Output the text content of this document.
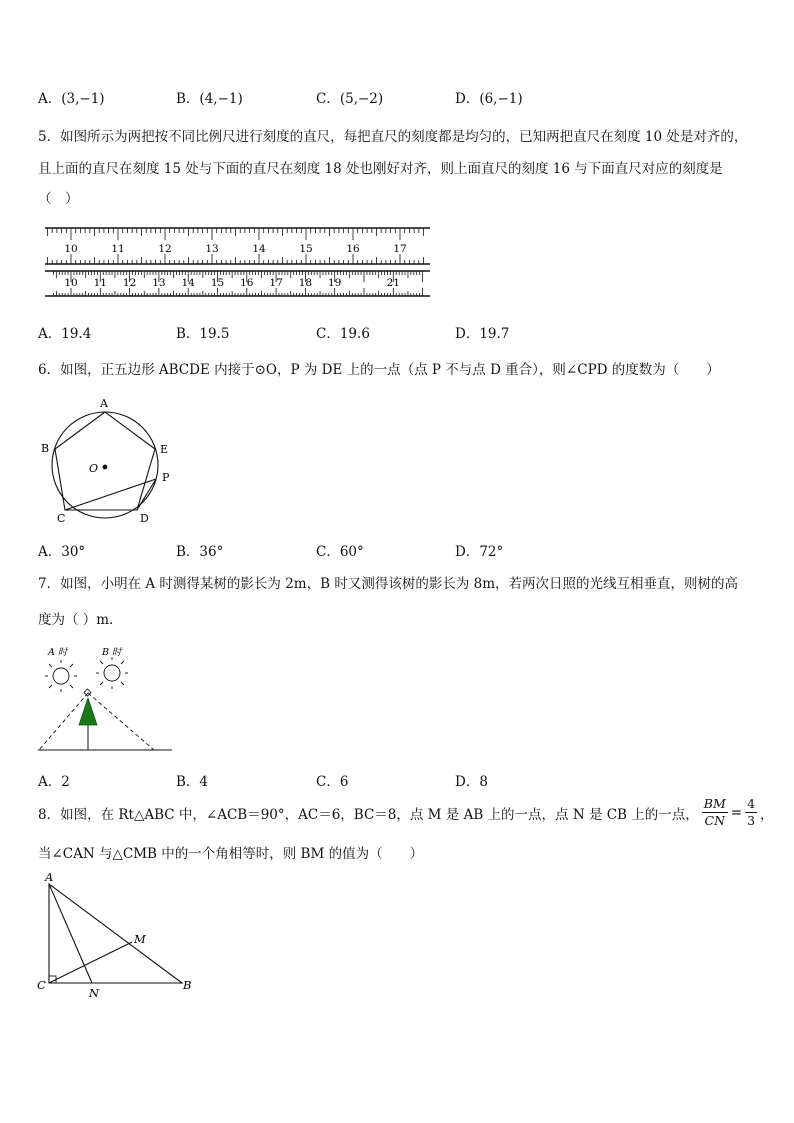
A．(3,−1)	B．(4,−1)	C．(5,−2)	D．(6,−1)
5．如图所示为两把按不同比例尺进行刻度的直尺，每把直尺的刻度都是均匀的，已知两把直尺在刻度 10 处是对齐的，
且上面的直尺在刻度 15 处与下面的直尺在刻度 18 处也刚好对齐，则上面直尺的刻度 16 与下面直尺对应的刻度是
（　）
10	11	12	13	14	15	16	17
10 11 12 13 14 15 16 17 18 19	21
A．19.4	B．19.5	C．19.6	D．19.7
6．如图，正五边形 ABCDE 内接于⊙O，P 为 DE 上的一点（点 P 不与点 D 重合），则∠CPD 的度数为（　　）
A
B
C	D
E
P
O
A．30°	B．36°	C．60°	D．72°
7．如图，小明在 A 时测得某树的影长为 2m，B 时又测得该树的影长为 8m，若两次日照的光线互相垂直，则树的高
度为（ ）m．
A 时	B 时
A．2	B．4	C．6	D．8
8．如图，在 Rt△ABC 中，∠ACB＝90°，AC＝6，BC＝8，点 M 是 AB 上的一点，点 N 是 CB 上的一点， $\frac{BM}{CN} = \frac{4}{3}$ ，
当∠CAN 与△CMB 中的一个角相等时，则 BM 的值为（　　）
A
C	B
M
N
